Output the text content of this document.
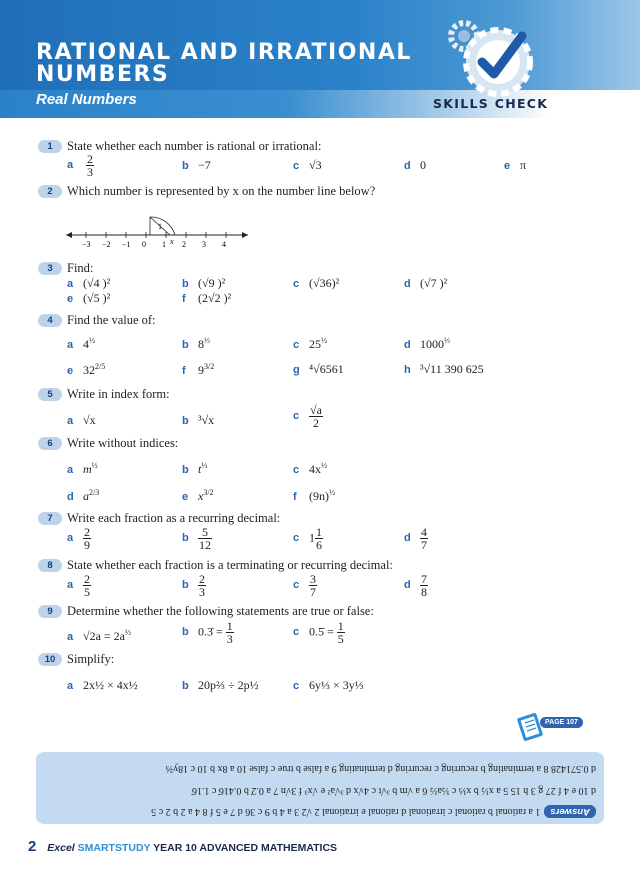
RATIONAL AND IRRATIONAL
NUMBERS
Real Numbers	SKILLS CHECK
1	State whether each number is rational or irrational:
a $\frac{2}{3}$	b −7	c √3	d 0	e π
2	Which number is represented by x on the number line below?
−3 −2 −1 0 1 2 3 4
1
x
3	Find:
a (√4 )²	b (√9 )²	c (√36)²	d (√7 )²
e (√5 )²	f (2√2 )²
4	Find the value of:
a $4^{\frac{1}{2}}$	b $8^{\frac{1}{3}}$	c $25^{\frac{1}{2}}$	d $1000^{\frac{1}{3}}$
e $32^{2/5}$	f $9^{3/2}$	g ⁴√6561	h ³√11 390 625
5	Write in index form:
a √x	b ³√x	c $\frac{√a}{2}$
6	Write without indices:
a $m^{\frac{1}{2}}$	b $t^{\frac{1}{3}}$	c $4x^{\frac{1}{2}}$
d $a^{2/3}$	e $x^{3/2}$	f $(9n)^{\frac{1}{2}}$
7	Write each fraction as a recurring decimal:
a $\frac{2}{9}$	b $\frac{5}{12}$	c $1 \frac{1}{6}$	d $\frac{4}{7}$
8	State whether each fraction is a terminating or recurring decimal:
a $\frac{2}{5}$	b $\frac{2}{3}$	c $\frac{3}{7}$	d $\frac{7}{8}$
9	Determine whether the following statements are true or false:
a $√2a = 2a^{\frac{1}{2}}$	b 0.3̇ = $\frac{1}{3}$	c 0.5̇ = $\frac{1}{5}$
10 Simplify:
a 2x½ × 4x½	b 20p⅔ ÷ 2p½	c 6y⅓ × 3y⅓
PAGE 107
Answers1 a rational b rational c irrational d rational e irrational 2 √2 3 a 4 b 9 c 36 d 7 e 5 f 8 4 a 2 b 2 c 5
d 10 e 4 f 27 g 3 h 15 5 a x½ b x⅓ c ½a½ 6 a √m b ³√t c 4√x d ³√a² e √x³ f 3√n 7 a 0.2̇ b 0.416̇ c 1.16̇
d 0.571428 8 a terminating b recurring c recurring d terminating 9 a false b true c false 10 a 8x b 10 c 18y⅔
2 Excel SMARTSTUDY YEAR 10 ADVANCED MATHEMATICS
